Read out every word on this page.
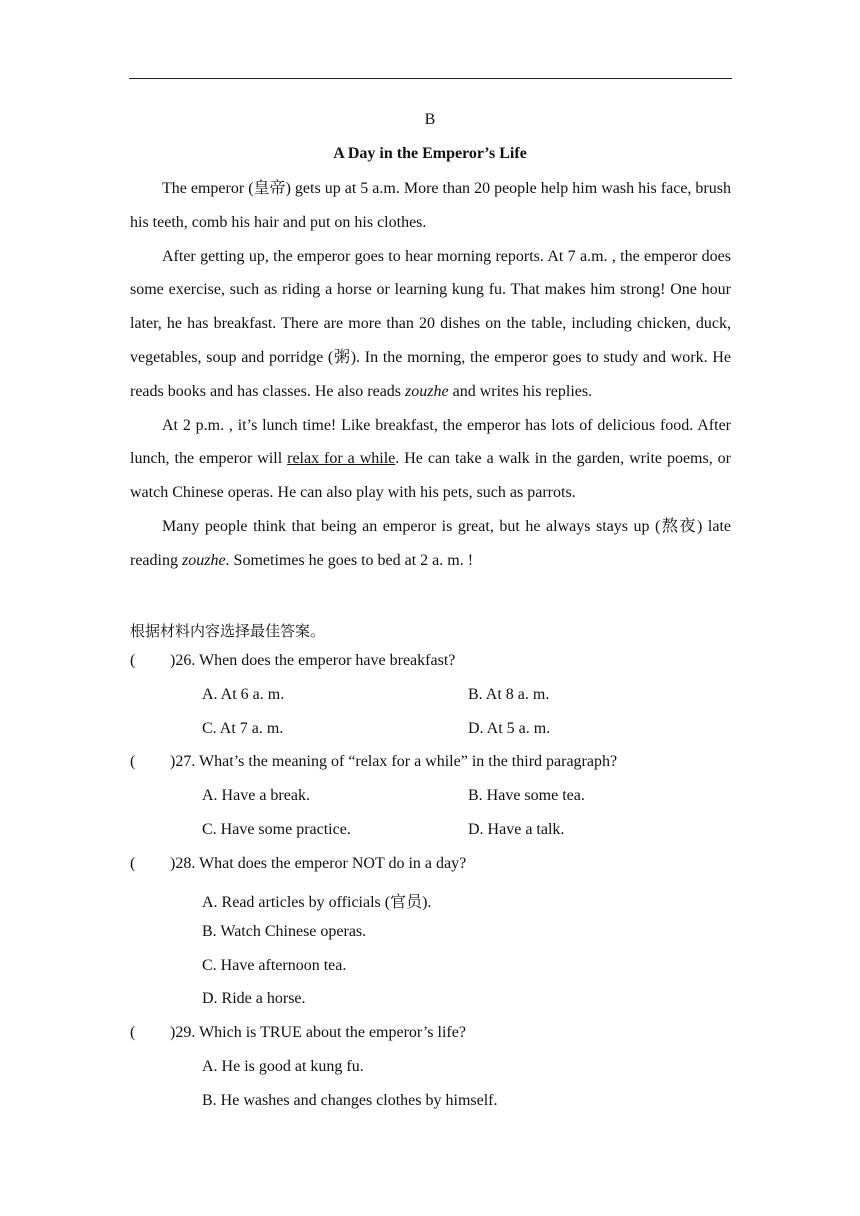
B
A Day in the Emperor’s Life

The emperor (皇帝) gets up at 5 a.m. More than 20 people help him wash his face, brush his teeth, comb his hair and put on his clothes.

After getting up, the emperor goes to hear morning reports. At 7 a.m. , the emperor does some exercise, such as riding a horse or learning kung fu. That makes him strong! One hour later, he has breakfast. There are more than 20 dishes on the table, including chicken, duck, vegetables, soup and porridge (粥). In the morning, the emperor goes to study and work. He reads books and has classes. He also reads zouzhe and writes his replies.

At 2 p.m. , it’s lunch time! Like breakfast, the emperor has lots of delicious food. After lunch, the emperor will relax for a while. He can take a walk in the garden, write poems, or watch Chinese operas. He can also play with his pets, such as parrots.

Many people think that being an emperor is great, but he always stays up (熬夜) late reading zouzhe. Sometimes he goes to bed at 2 a. m. !

根据材料内容选择最佳答案。
( )26. When does the emperor have breakfast?
A. At 6 a. m.	B. At 8 a. m.
C. At 7 a. m.	D. At 5 a. m.
( )27. What’s the meaning of “relax for a while” in the third paragraph?
A. Have a break.	B. Have some tea.
C. Have some practice.	D. Have a talk.
( )28. What does the emperor NOT do in a day?
A. Read articles by officials (官员).
B. Watch Chinese operas.
C. Have afternoon tea.
D. Ride a horse.
( )29. Which is TRUE about the emperor’s life?
A. He is good at kung fu.
B. He washes and changes clothes by himself.
